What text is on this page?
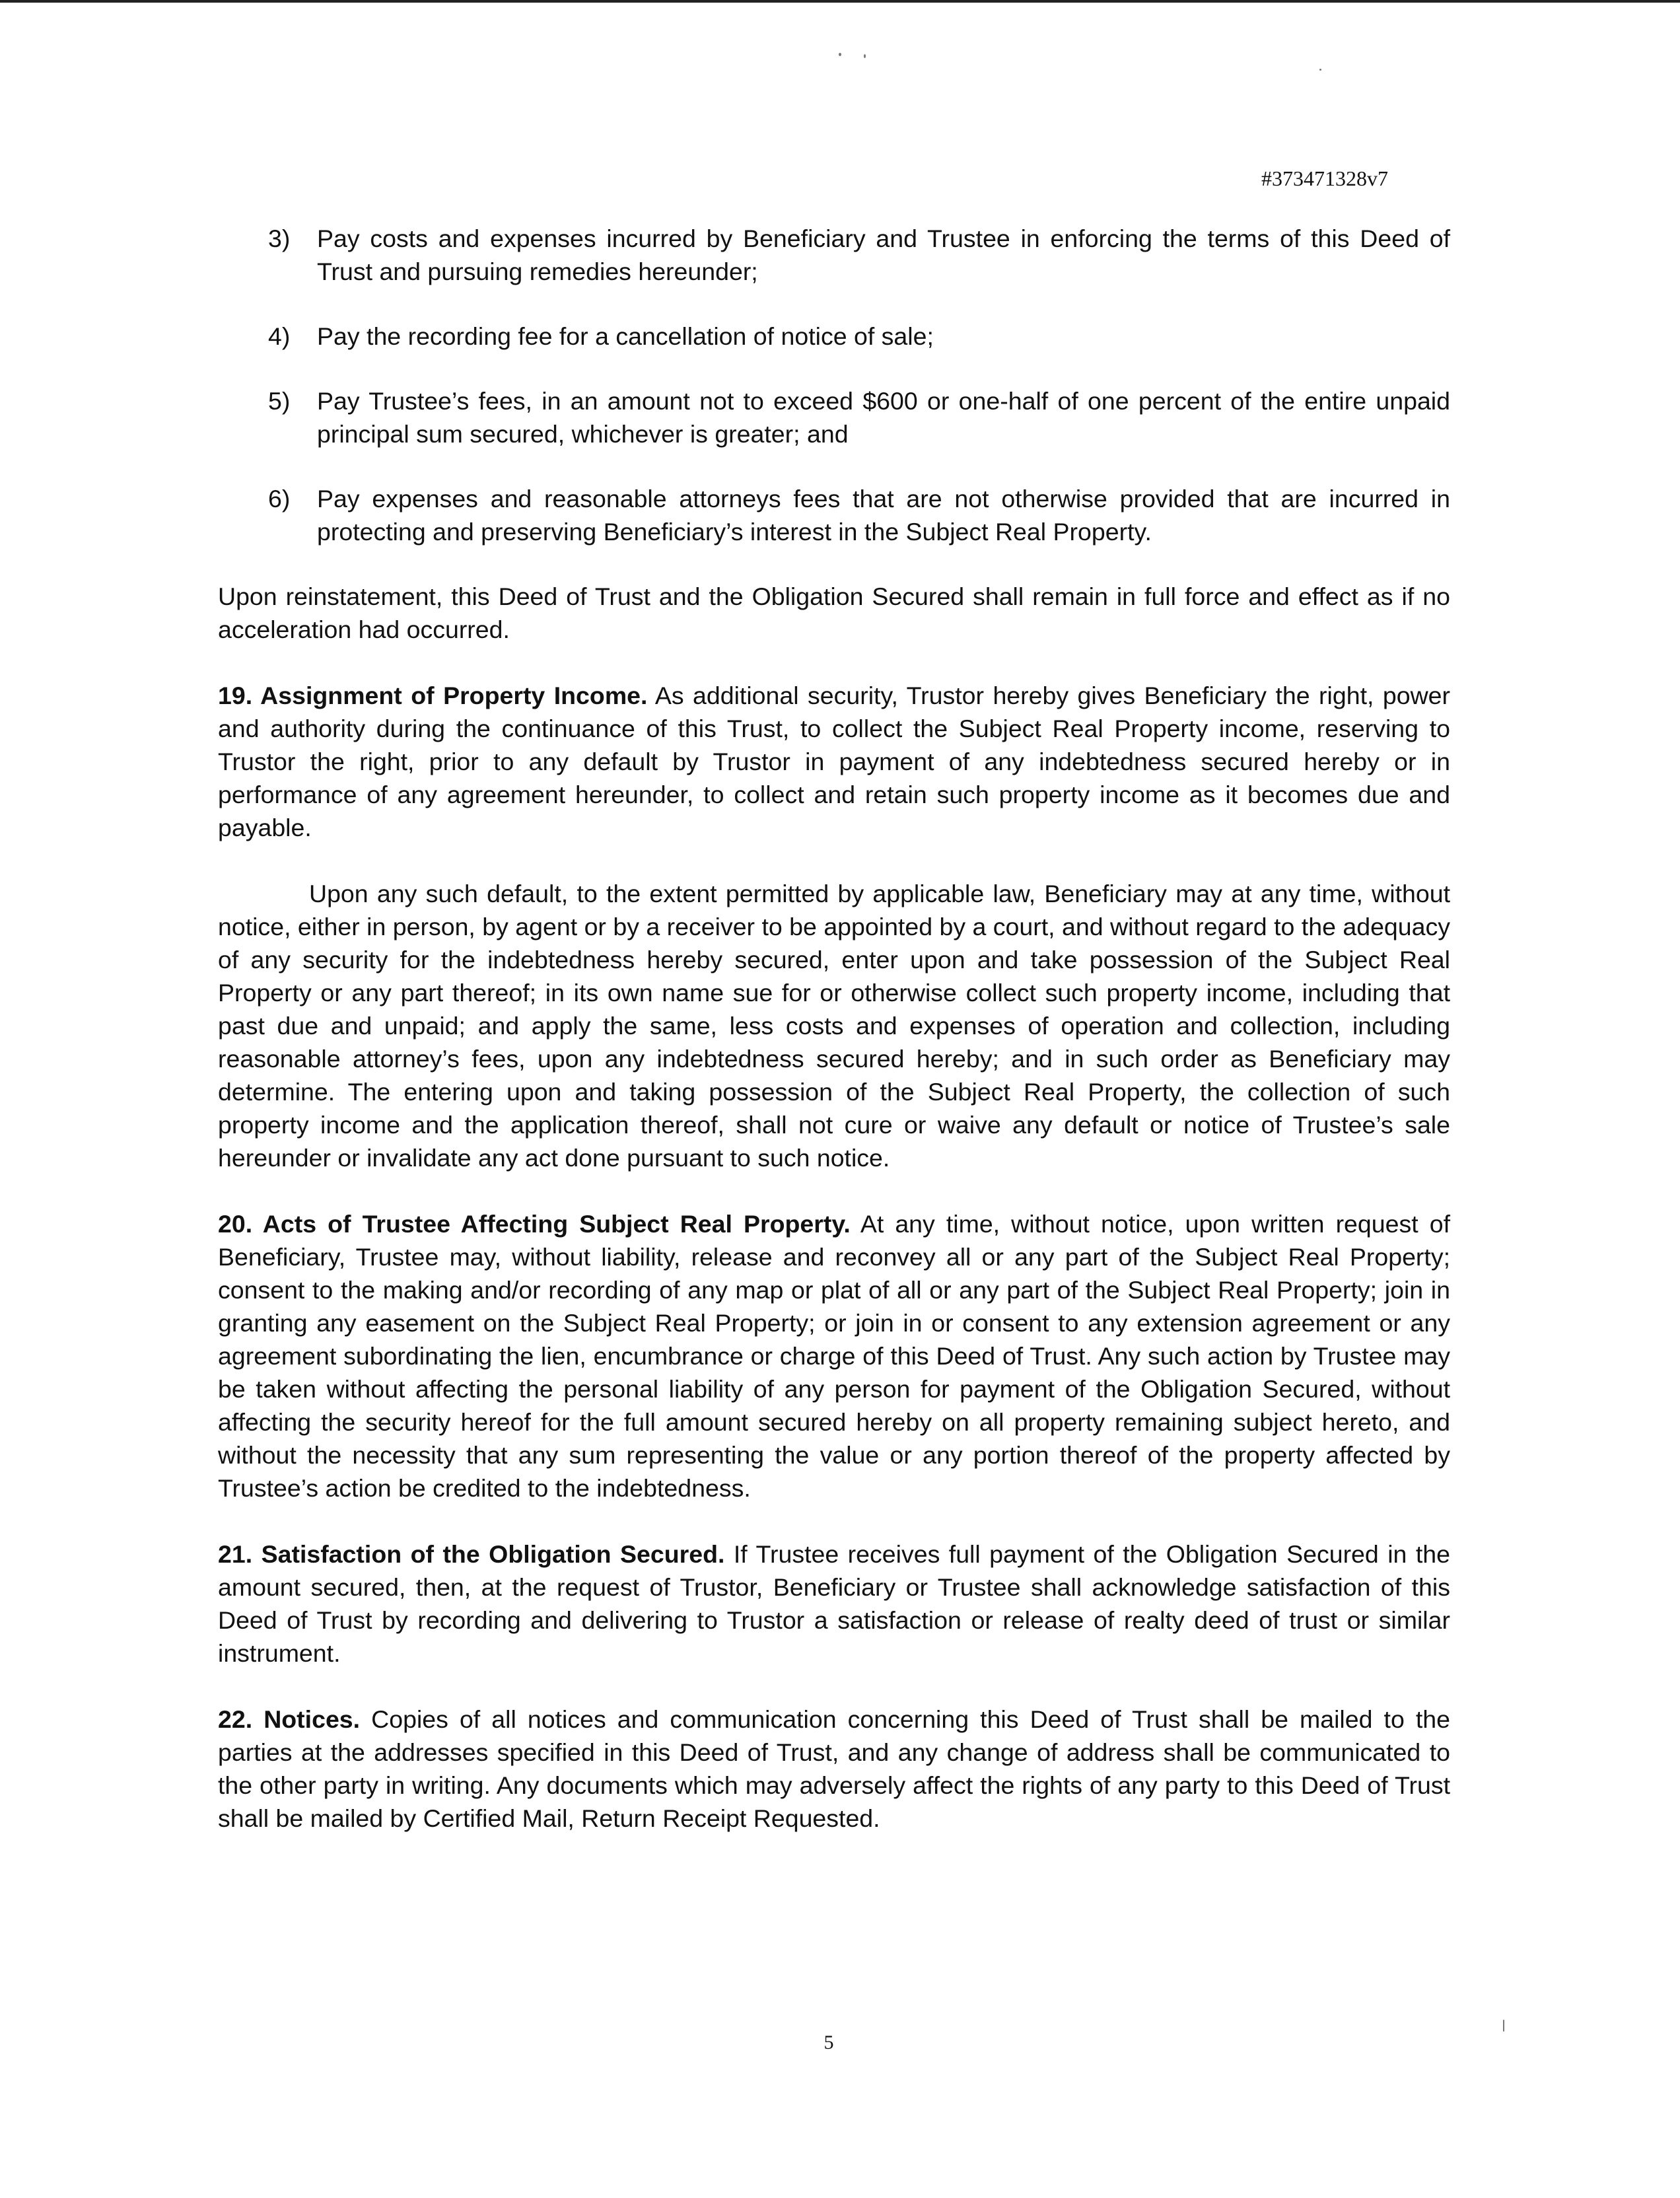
#373471328v7
3) Pay costs and expenses incurred by Beneficiary and Trustee in enforcing the terms of this Deed of Trust and pursuing remedies hereunder;
4) Pay the recording fee for a cancellation of notice of sale;
5) Pay Trustee’s fees, in an amount not to exceed $600 or one-half of one percent of the entire unpaid principal sum secured, whichever is greater; and
6) Pay expenses and reasonable attorneys fees that are not otherwise provided that are incurred in protecting and preserving Beneficiary’s interest in the Subject Real Property.

Upon reinstatement, this Deed of Trust and the Obligation Secured shall remain in full force and effect as if no acceleration had occurred.

19. Assignment of Property Income. As additional security, Trustor hereby gives Beneficiary the right, power and authority during the continuance of this Trust, to collect the Subject Real Property income, reserving to Trustor the right, prior to any default by Trustor in payment of any indebtedness secured hereby or in performance of any agreement hereunder, to collect and retain such property income as it becomes due and payable.

Upon any such default, to the extent permitted by applicable law, Beneficiary may at any time, without notice, either in person, by agent or by a receiver to be appointed by a court, and without regard to the adequacy of any security for the indebtedness hereby secured, enter upon and take possession of the Subject Real Property or any part thereof; in its own name sue for or otherwise collect such property income, including that past due and unpaid; and apply the same, less costs and expenses of operation and collection, including reasonable attorney’s fees, upon any indebtedness secured hereby; and in such order as Beneficiary may determine. The entering upon and taking possession of the Subject Real Property, the collection of such property income and the application thereof, shall not cure or waive any default or notice of Trustee’s sale hereunder or invalidate any act done pursuant to such notice.

20. Acts of Trustee Affecting Subject Real Property. At any time, without notice, upon written request of Beneficiary, Trustee may, without liability, release and reconvey all or any part of the Subject Real Property; consent to the making and/or recording of any map or plat of all or any part of the Subject Real Property; join in granting any easement on the Subject Real Property; or join in or consent to any extension agreement or any agreement subordinating the lien, encumbrance or charge of this Deed of Trust. Any such action by Trustee may be taken without affecting the personal liability of any person for payment of the Obligation Secured, without affecting the security hereof for the full amount secured hereby on all property remaining subject hereto, and without the necessity that any sum representing the value or any portion thereof of the property affected by Trustee’s action be credited to the indebtedness.

21. Satisfaction of the Obligation Secured. If Trustee receives full payment of the Obligation Secured in the amount secured, then, at the request of Trustor, Beneficiary or Trustee shall acknowledge satisfaction of this Deed of Trust by recording and delivering to Trustor a satisfaction or release of realty deed of trust or similar instrument.

22. Notices. Copies of all notices and communication concerning this Deed of Trust shall be mailed to the parties at the addresses specified in this Deed of Trust, and any change of address shall be communicated to the other party in writing. Any documents which may adversely affect the rights of any party to this Deed of Trust shall be mailed by Certified Mail, Return Receipt Requested.

5
